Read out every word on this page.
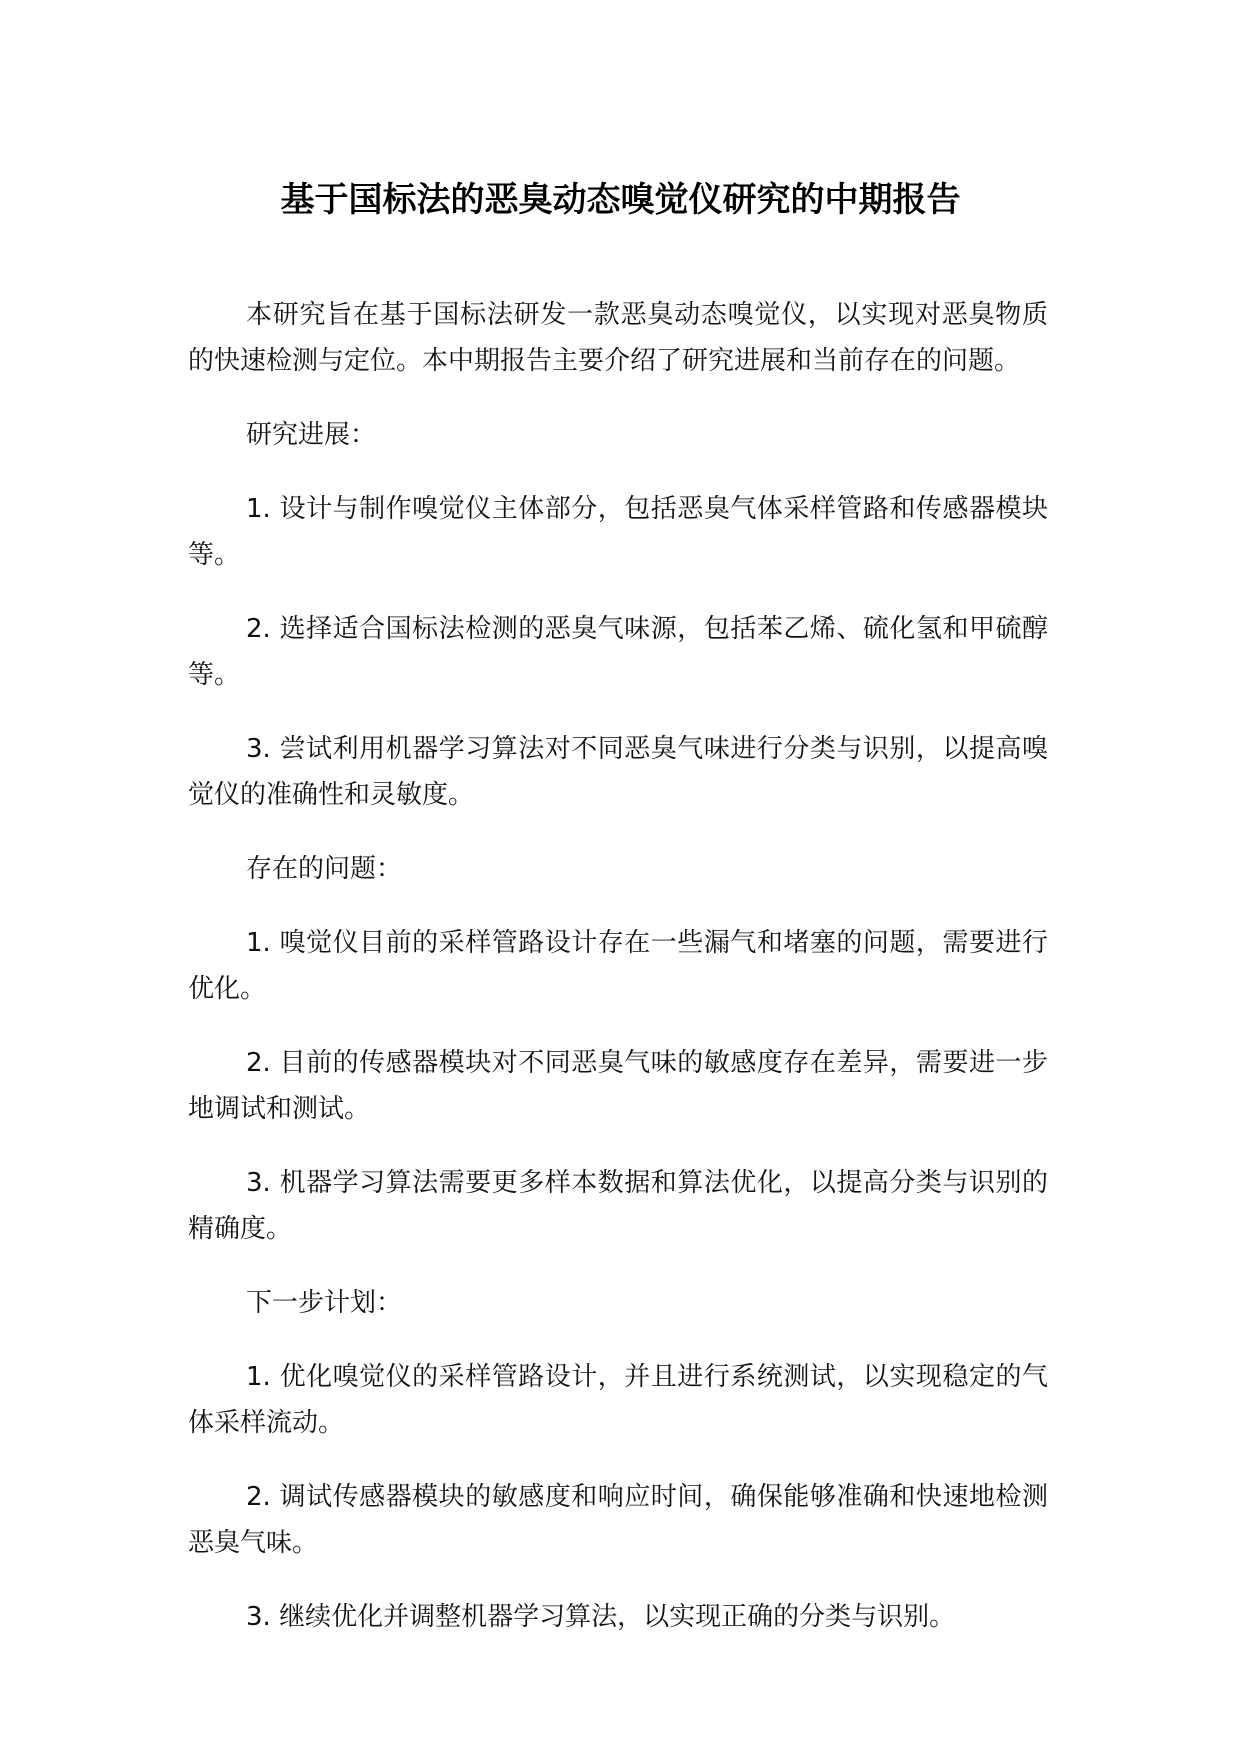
基于国标法的恶臭动态嗅觉仪研究的中期报告

本研究旨在基于国标法研发一款恶臭动态嗅觉仪，以实现对恶臭物质的快速检测与定位。本中期报告主要介绍了研究进展和当前存在的问题。

研究进展：

1. 设计与制作嗅觉仪主体部分，包括恶臭气体采样管路和传感器模块等。

2. 选择适合国标法检测的恶臭气味源，包括苯乙烯、硫化氢和甲硫醇等。

3. 尝试利用机器学习算法对不同恶臭气味进行分类与识别，以提高嗅觉仪的准确性和灵敏度。

存在的问题：

1. 嗅觉仪目前的采样管路设计存在一些漏气和堵塞的问题，需要进行优化。

2. 目前的传感器模块对不同恶臭气味的敏感度存在差异，需要进一步地调试和测试。

3. 机器学习算法需要更多样本数据和算法优化，以提高分类与识别的精确度。

下一步计划：

1. 优化嗅觉仪的采样管路设计，并且进行系统测试，以实现稳定的气体采样流动。

2. 调试传感器模块的敏感度和响应时间，确保能够准确和快速地检测恶臭气味。

3. 继续优化并调整机器学习算法，以实现正确的分类与识别。
